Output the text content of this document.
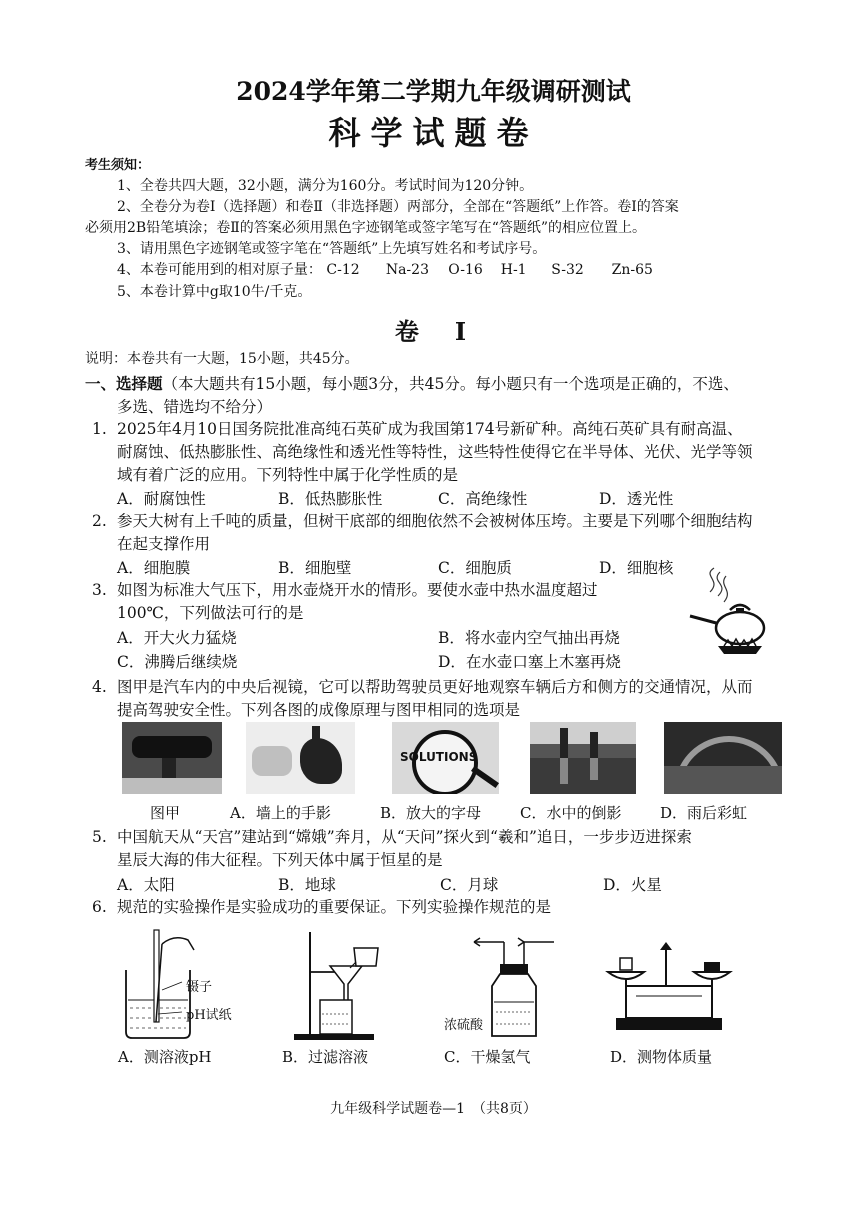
2024学年第二学期九年级调研测试
科学试题卷
考生须知：
1、全卷共四大题，32小题，满分为160分。考试时间为120分钟。
2、全卷分为卷Ⅰ（选择题）和卷Ⅱ（非选择题）两部分，全部在“答题纸”上作答。卷Ⅰ的答案
必须用2B铅笔填涂；卷Ⅱ的答案必须用黑色字迹钢笔或签字笔写在“答题纸”的相应位置上。
3、请用黑色字迹钢笔或签字笔在“答题纸”上先填写姓名和考试序号。
4、本卷可能用到的相对原子量： C-12 Na-23 O-16 H-1 S-32 Zn-65
5、本卷计算中g取10牛/千克。
卷　Ⅰ
说明：本卷共有一大题，15小题，共45分。
一、选择题（本大题共有15小题，每小题3分，共45分。每小题只有一个选项是正确的，不选、
多选、错选均不给分）
1. 2025年4月10日国务院批准高纯石英矿成为我国第174号新矿种。高纯石英矿具有耐高温、
耐腐蚀、低热膨胀性、高绝缘性和透光性等特性，这些特性使得它在半导体、光伏、光学等领
域有着广泛的应用。下列特性中属于化学性质的是
A．耐腐蚀性	B．低热膨胀性	C．高绝缘性	D．透光性
2. 参天大树有上千吨的质量，但树干底部的细胞依然不会被树体压垮。主要是下列哪个细胞结构
在起支撑作用
A．细胞膜	B．细胞壁	C．细胞质	D．细胞核
3. 如图为标准大气压下，用水壶烧开水的情形。要使水壶中热水温度超过
100℃，下列做法可行的是
A．开大火力猛烧	B．将水壶内空气抽出再烧
C．沸腾后继续烧	D．在水壶口塞上木塞再烧
4. 图甲是汽车内的中央后视镜，它可以帮助驾驶员更好地观察车辆后方和侧方的交通情况，从而
提高驾驶安全性。下列各图的成像原理与图甲相同的选项是
SOLUTIONS
图甲	A．墙上的手影	B．放大的字母	C．水中的倒影	D．雨后彩虹
5. 中国航天从“天宫”建站到“嫦娥”奔月，从“天问”探火到“羲和”追日，一步步迈进探索
星辰大海的伟大征程。下列天体中属于恒星的是
A．太阳	B．地球	C．月球	D．火星
6. 规范的实验操作是实验成功的重要保证。下列实验操作规范的是
镊子
pH试纸
浓硫酸
A．测溶液pH	B．过滤溶液	C．干燥氢气	D．测物体质量
九年级科学试题卷—1　（共8页）
